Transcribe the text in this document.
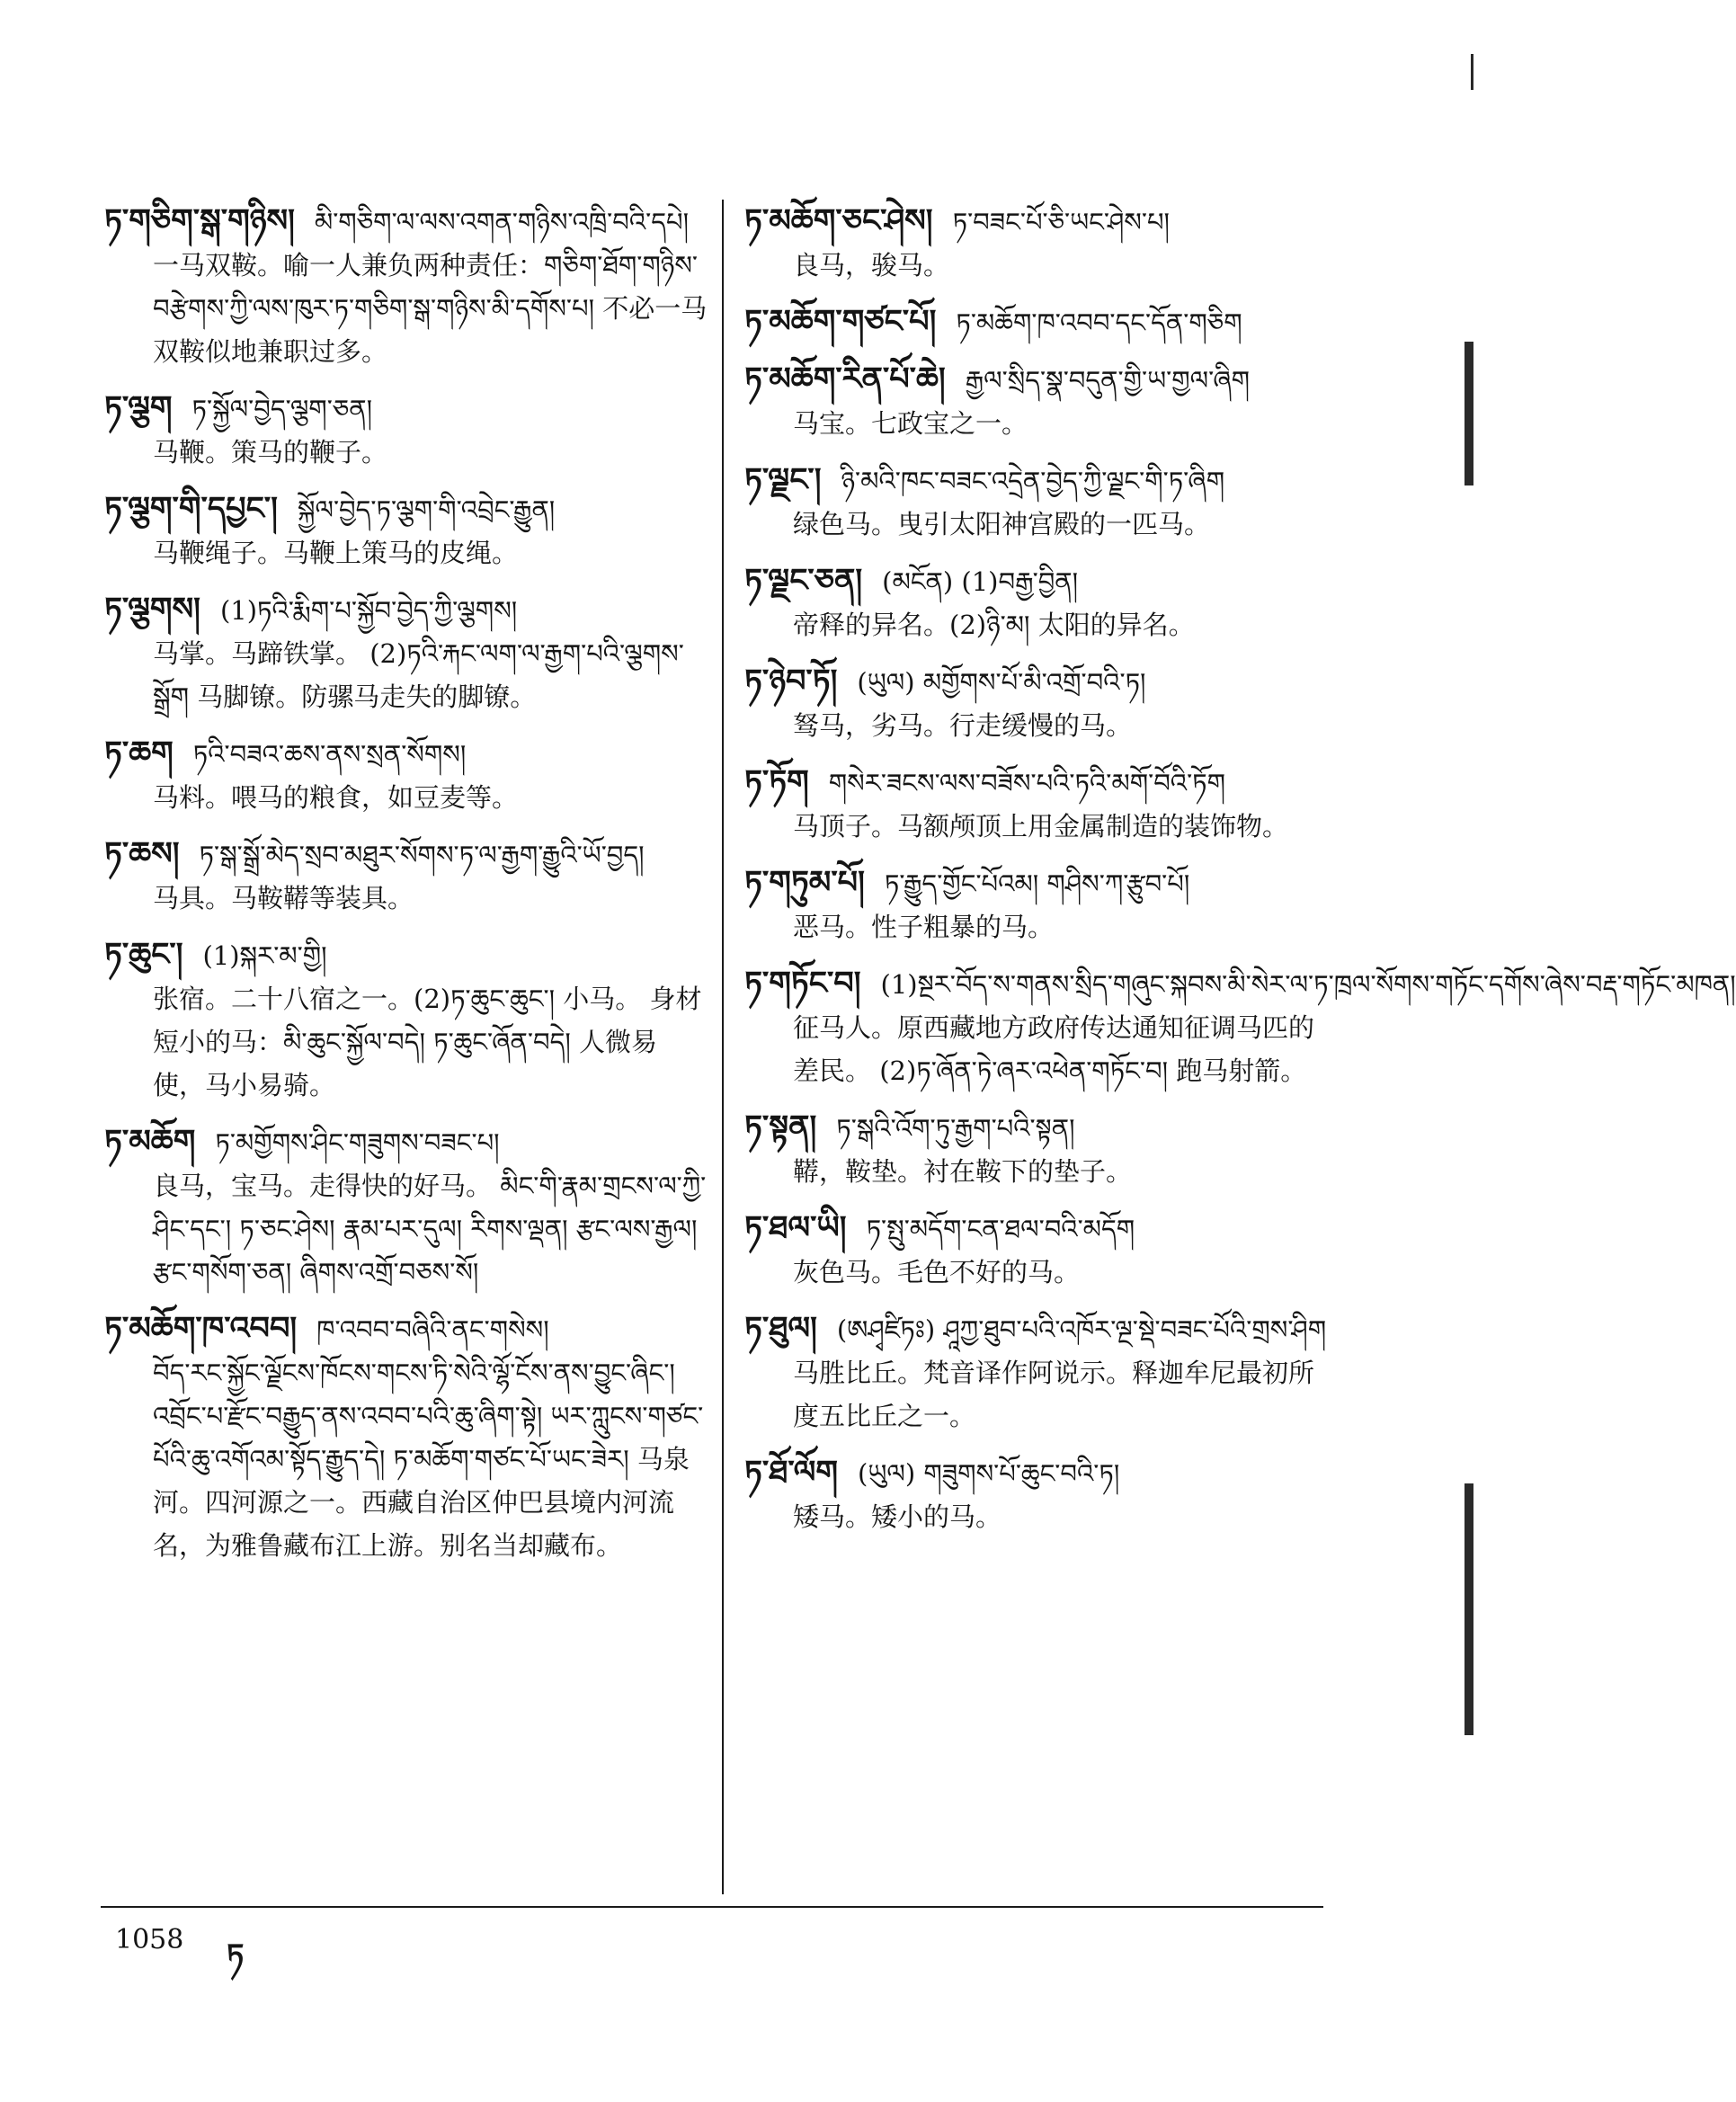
ཏ་གཅིག་སྒ་གཉིས། མི་གཅིག་ལ་ལས་འགན་གཉིས་འཁྲི་བའི་དཔེ།
一马双鞍。喻一人兼负两种责任：གཅིག་ཐོག་གཉིས་བརྩེགས་ཀྱི་ལས་ཁུར་ཏ་གཅིག་སྒ་གཉིས་མི་དགོས་པ། 不必一马双鞍似地兼职过多。
ཏ་ལྕག ཏ་སྐྱོལ་བྱེད་ལྕག་ཅན།
马鞭。策马的鞭子。
ཏ་ལྕག་གི་དཔྱང་། སྐྱོལ་བྱེད་ཏ་ལྕག་གི་འབྲེང་རྒྱུན།
马鞭绳子。马鞭上策马的皮绳。
ཏ་ལྕགས། (1)ཏའི་རྨིག་པ་སྐྱོབ་བྱེད་ཀྱི་ལྕགས།
马掌。马蹄铁掌。 (2)ཏའི་རྐང་ལག་ལ་རྒྱག་པའི་ལྕགས་སྒྲོག 马脚镣。防骡马走失的脚镣。
ཏ་ཆག ཏའི་བཟའ་ཆས་ནས་སྲན་སོགས།
马料。喂马的粮食，如豆麦等。
ཏ་ཆས། ཏ་སྒ་སྒྲོ་མེད་སྲབ་མཐུར་སོགས་ཏ་ལ་རྒྱག་རྒྱུའི་ཡོ་བྱད།
马具。马鞍鞯等装具。
ཏ་ཆུང་། (1)སྐར་མ་གྱི།
张宿。二十八宿之一。(2)ཏ་ཆུང་ཆུང་། 小马。 身材短小的马：མི་ཆུང་སྐྱོལ་བདེ། ཏ་ཆུང་ཞོན་བདེ། 人微易使，马小易骑。
ཏ་མཆོག ཏ་མགྱོགས་ཤིང་གཟུགས་བཟང་པ།
良马，宝马。走得快的好马。 མིང་གི་རྣམ་གྲངས་ལ་ཀྱི་ཤིང་དང་། ཏ་ཅང་ཤེས། རྣམ་པར་དུལ། རིགས་ལྡན། རྩང་ལས་རྒྱལ། རྩང་གསོག་ཅན། ཞིགས་འགྲོ་བཅས་སོ།
ཏ་མཆོག་ཁ་འབབ། ཁ་འབབ་བཞིའི་ནང་གསེས།
བོད་རང་སྐྱོང་ལྗོངས་ཁོངས་གངས་ཏི་སེའི་ལྷོ་ངོས་ནས་བྱུང་ཞིང་། འབྲོང་པ་རྫོང་བརྒྱུད་ནས་འབབ་པའི་ཆུ་ཞིག་སྟེ། ཡར་ཀླུངས་གཙང་པོའི་ཆུ་འགོའམ་སྟོད་རྒྱུད་དེ། ཏ་མཆོག་གཙང་པོ་ཡང་ཟེར། 马泉河。四河源之一。西藏自治区仲巴县境内河流名，为雅鲁藏布江上游。别名当却藏布。
ཏ་མཆོག་ཅང་ཤེས། ཏ་བཟང་པོ་ཅི་ཡང་ཤེས་པ།
良马，骏马。
ཏ་མཆོག་གཙང་པོ། ཏ་མཆོག་ཁ་འབབ་དང་དོན་གཅིག
ཏ་མཆོག་རིན་པོ་ཆེ། རྒྱལ་སྲིད་སྣ་བདུན་གྱི་ཡ་གྱལ་ཞིག
马宝。七政宝之一。
ཏ་ལྗང་། ཉི་མའི་ཁང་བཟང་འདྲེན་བྱེད་ཀྱི་ལྗང་གི་ཏ་ཞིག
绿色马。曳引太阳神宫殿的一匹马。
ཏ་ལྗང་ཅན། (མངོན) (1)བརྒྱ་བྱིན།
帝释的异名。(2)ཉི་མ། 太阳的异名。
ཏ་ཉེབ་ཏོ། (ཡུལ) མགྱོགས་པོ་མི་འགྲོ་བའི་ཏ།
驽马，劣马。行走缓慢的马。
ཏ་ཏོག གསེར་ཟངས་ལས་བཟོས་པའི་ཏའི་མགོ་བོའི་ཏོག
马顶子。马额颅顶上用金属制造的装饰物。
ཏ་གཏུམ་པོ། ཏ་རྒྱུད་གྱོང་པོའམ། གཤིས་ཀ་རྩུབ་པོ།
恶马。性子粗暴的马。
ཏ་གཏོང་བ། (1)སྔར་བོད་ས་གནས་སྲིད་གཞུང་སྐབས་མི་སེར་ལ་ཏ་ཁྲལ་སོགས་གཏོང་དགོས་ཞེས་བརྡ་གཏོང་མཁན།
征马人。原西藏地方政府传达通知征调马匹的差民。 (2)ཏ་ཞོན་ཏེ་ཞར་འཕེན་གཏོང་བ། 跑马射箭。
ཏ་སྟན། ཏ་སྒའི་འོག་ཏུ་རྒྱག་པའི་སྟན།
鞯，鞍垫。衬在鞍下的垫子。
ཏ་ཐལ་ཡི། ཏ་སྤུ་མདོག་ངན་ཐལ་བའི་མདོག
灰色马。毛色不好的马。
ཏ་ཐུལ། (ཨཤྭཛིཏཿ) ཤཱཀྱ་ཐུབ་པའི་འཁོར་ལྔ་སྡེ་བཟང་པོའི་གྲས་ཤིག
马胜比丘。梵音译作阿说示。释迦牟尼最初所度五比丘之一。
ཏ་ཐོ་ལོག (ཡུལ) གཟུགས་པོ་ཆུང་བའི་ཏ།
矮马。矮小的马。
1058 ཏ
